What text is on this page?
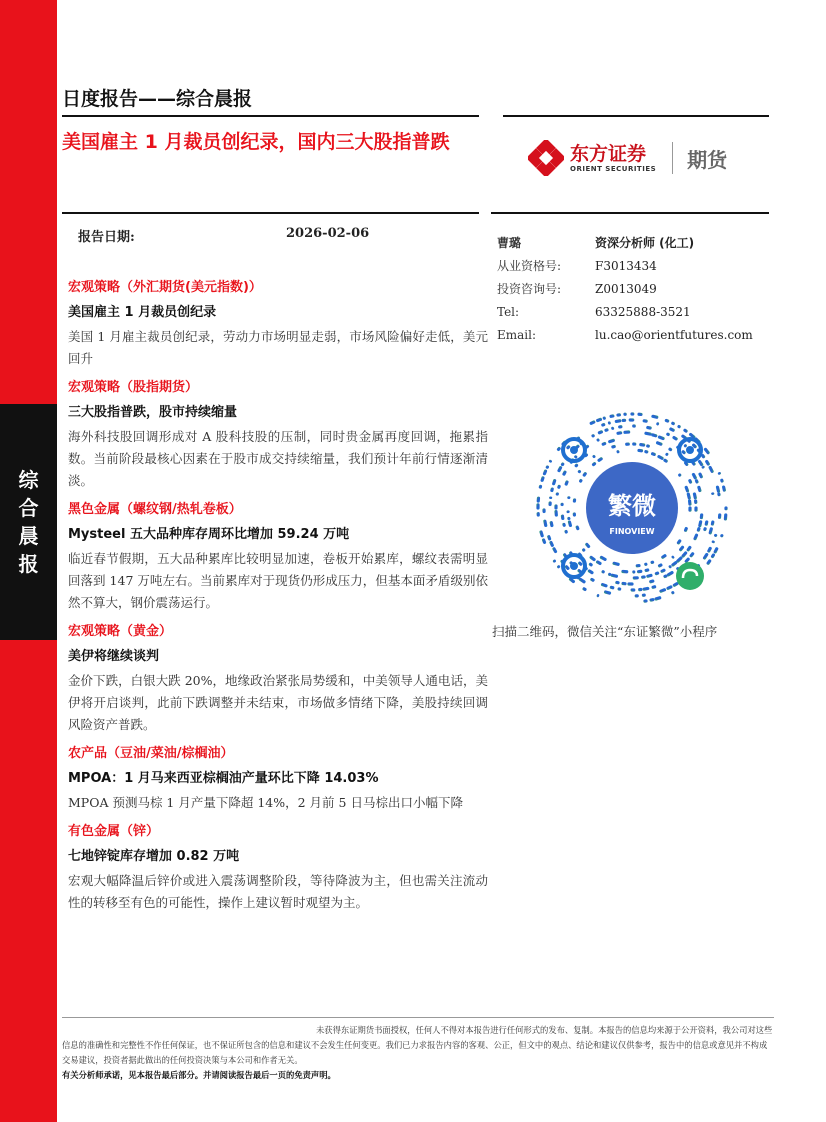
综
合
晨
报
日度报告——综合晨报
美国雇主 1 月裁员创纪录，国内三大股指普跌
东方证券
ORIENT SECURITIES 期货
报告日期:	2026-02-06
宏观策略（外汇期货(美元指数)）
美国雇主 1 月裁员创纪录
美国 1 月雇主裁员创纪录，劳动力市场明显走弱，市场风险偏好走低，美元回升
宏观策略（股指期货）
三大股指普跌，股市持续缩量
海外科技股回调形成对 A 股科技股的压制，同时贵金属再度回调，拖累指数。当前阶段最核心因素在于股市成交持续缩量，我们预计年前行情逐渐清淡。
黑色金属（螺纹钢/热轧卷板）
Mysteel 五大品种库存周环比增加 59.24 万吨
临近春节假期，五大品种累库比较明显加速，卷板开始累库，螺纹表需明显回落到 147 万吨左右。当前累库对于现货仍形成压力，但基本面矛盾级别依然不算大，钢价震荡运行。
宏观策略（黄金）
美伊将继续谈判
金价下跌，白银大跌 20%，地缘政治紧张局势缓和，中美领导人通电话，美伊将开启谈判，此前下跌调整并未结束，市场做多情绪下降，美股持续回调风险资产普跌。
农产品（豆油/菜油/棕榈油）
MPOA：1 月马来西亚棕榈油产量环比下降 14.03%
MPOA 预测马棕 1 月产量下降超 14%，2 月前 5 日马棕出口小幅下降
有色金属（锌）
七地锌锭库存增加 0.82 万吨
宏观大幅降温后锌价或进入震荡调整阶段，等待降波为主，但也需关注流动性的转移至有色的可能性，操作上建议暂时观望为主。
曹璐	资深分析师 (化工)
从业资格号:	F3013434
投资咨询号:	Z0013049
Tel:	63325888-3521
Email:	lu.cao@orientfutures.com
繁微
FINOVIEW
扫描二维码，微信关注“东证繁微”小程序
未获得东证期货书面授权，任何人不得对本报告进行任何形式的发布、复制。本报告的信息均来源于公开资料，我公司对这些信息的准确性和完整性不作任何保证，也不保证所包含的信息和建议不会发生任何变更。我们已力求报告内容的客观、公正，但文中的观点、结论和建议仅供参考，报告中的信息或意见并不构成交易建议，投资者据此做出的任何投资决策与本公司和作者无关。
有关分析师承诺，见本报告最后部分。并请阅读报告最后一页的免责声明。
